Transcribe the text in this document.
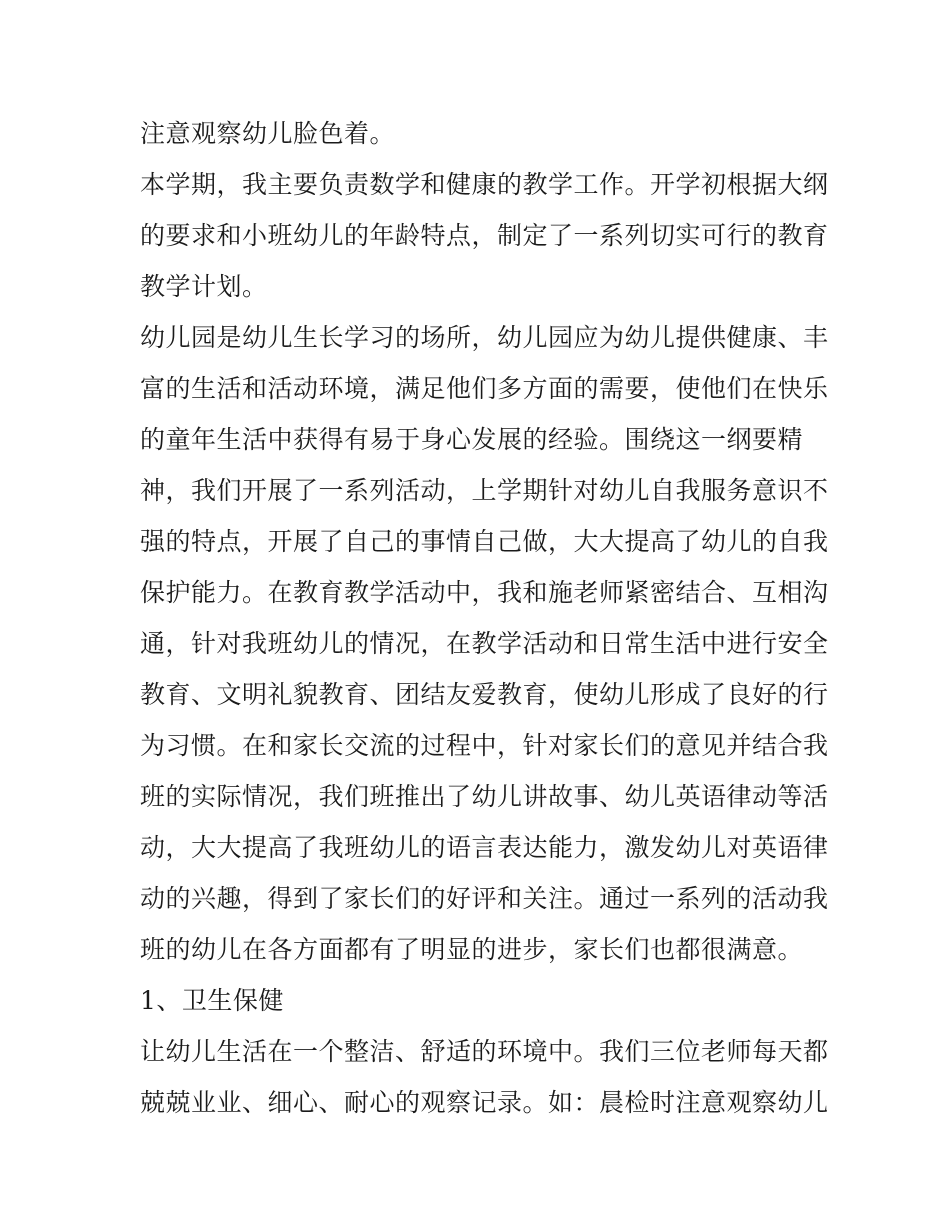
注意观察幼儿脸色着。
本学期，我主要负责数学和健康的教学工作。开学初根据大纲
的要求和小班幼儿的年龄特点，制定了一系列切实可行的教育
教学计划。
幼儿园是幼儿生长学习的场所，幼儿园应为幼儿提供健康、丰
富的生活和活动环境，满足他们多方面的需要，使他们在快乐
的童年生活中获得有易于身心发展的经验。围绕这一纲要精
神，我们开展了一系列活动，上学期针对幼儿自我服务意识不
强的特点，开展了自己的事情自己做，大大提高了幼儿的自我
保护能力。在教育教学活动中，我和施老师紧密结合、互相沟
通，针对我班幼儿的情况，在教学活动和日常生活中进行安全
教育、文明礼貌教育、团结友爱教育，使幼儿形成了良好的行
为习惯。在和家长交流的过程中，针对家长们的意见并结合我
班的实际情况，我们班推出了幼儿讲故事、幼儿英语律动等活
动，大大提高了我班幼儿的语言表达能力，激发幼儿对英语律
动的兴趣，得到了家长们的好评和关注。通过一系列的活动我
班的幼儿在各方面都有了明显的进步，家长们也都很满意。
1、卫生保健
让幼儿生活在一个整洁、舒适的环境中。我们三位老师每天都
兢兢业业、细心、耐心的观察记录。如：晨检时注意观察幼儿
